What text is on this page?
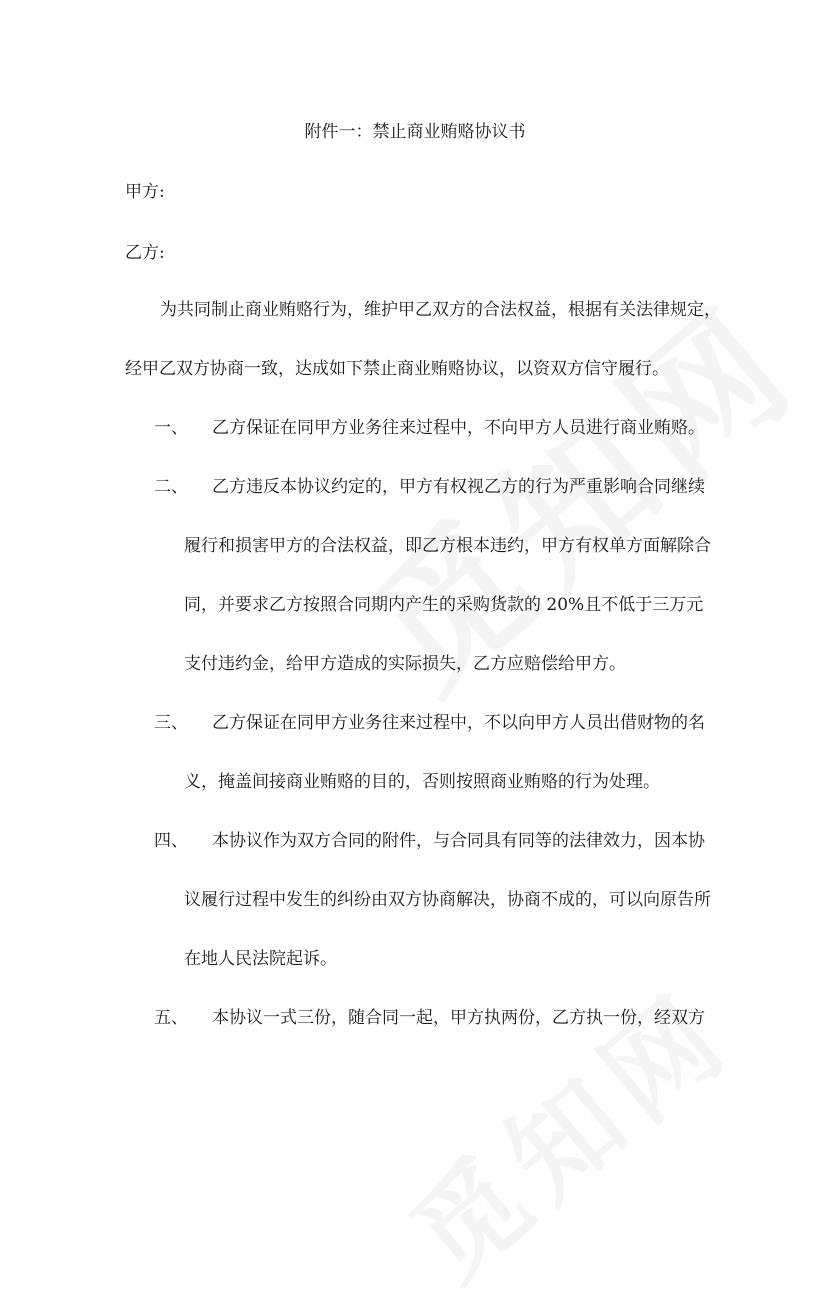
附件一：禁止商业贿赂协议书
甲方:
乙方:
为共同制止商业贿赂行为，维护甲乙双方的合法权益，根据有关法律规定，
经甲乙双方协商一致，达成如下禁止商业贿赂协议，以资双方信守履行。
一、 乙方保证在同甲方业务往来过程中，不向甲方人员进行商业贿赂。
二、 乙方违反本协议约定的，甲方有权视乙方的行为严重影响合同继续
履行和损害甲方的合法权益，即乙方根本违约，甲方有权单方面解除合
同，并要求乙方按照合同期内产生的采购货款的 20%且不低于三万元
支付违约金，给甲方造成的实际损失，乙方应赔偿给甲方。
三、 乙方保证在同甲方业务往来过程中，不以向甲方人员出借财物的名
义，掩盖间接商业贿赂的目的，否则按照商业贿赂的行为处理。
四、 本协议作为双方合同的附件，与合同具有同等的法律效力，因本协
议履行过程中发生的纠纷由双方协商解决，协商不成的，可以向原告所
在地人民法院起诉。
五、 本协议一式三份，随合同一起，甲方执两份，乙方执一份，经双方
